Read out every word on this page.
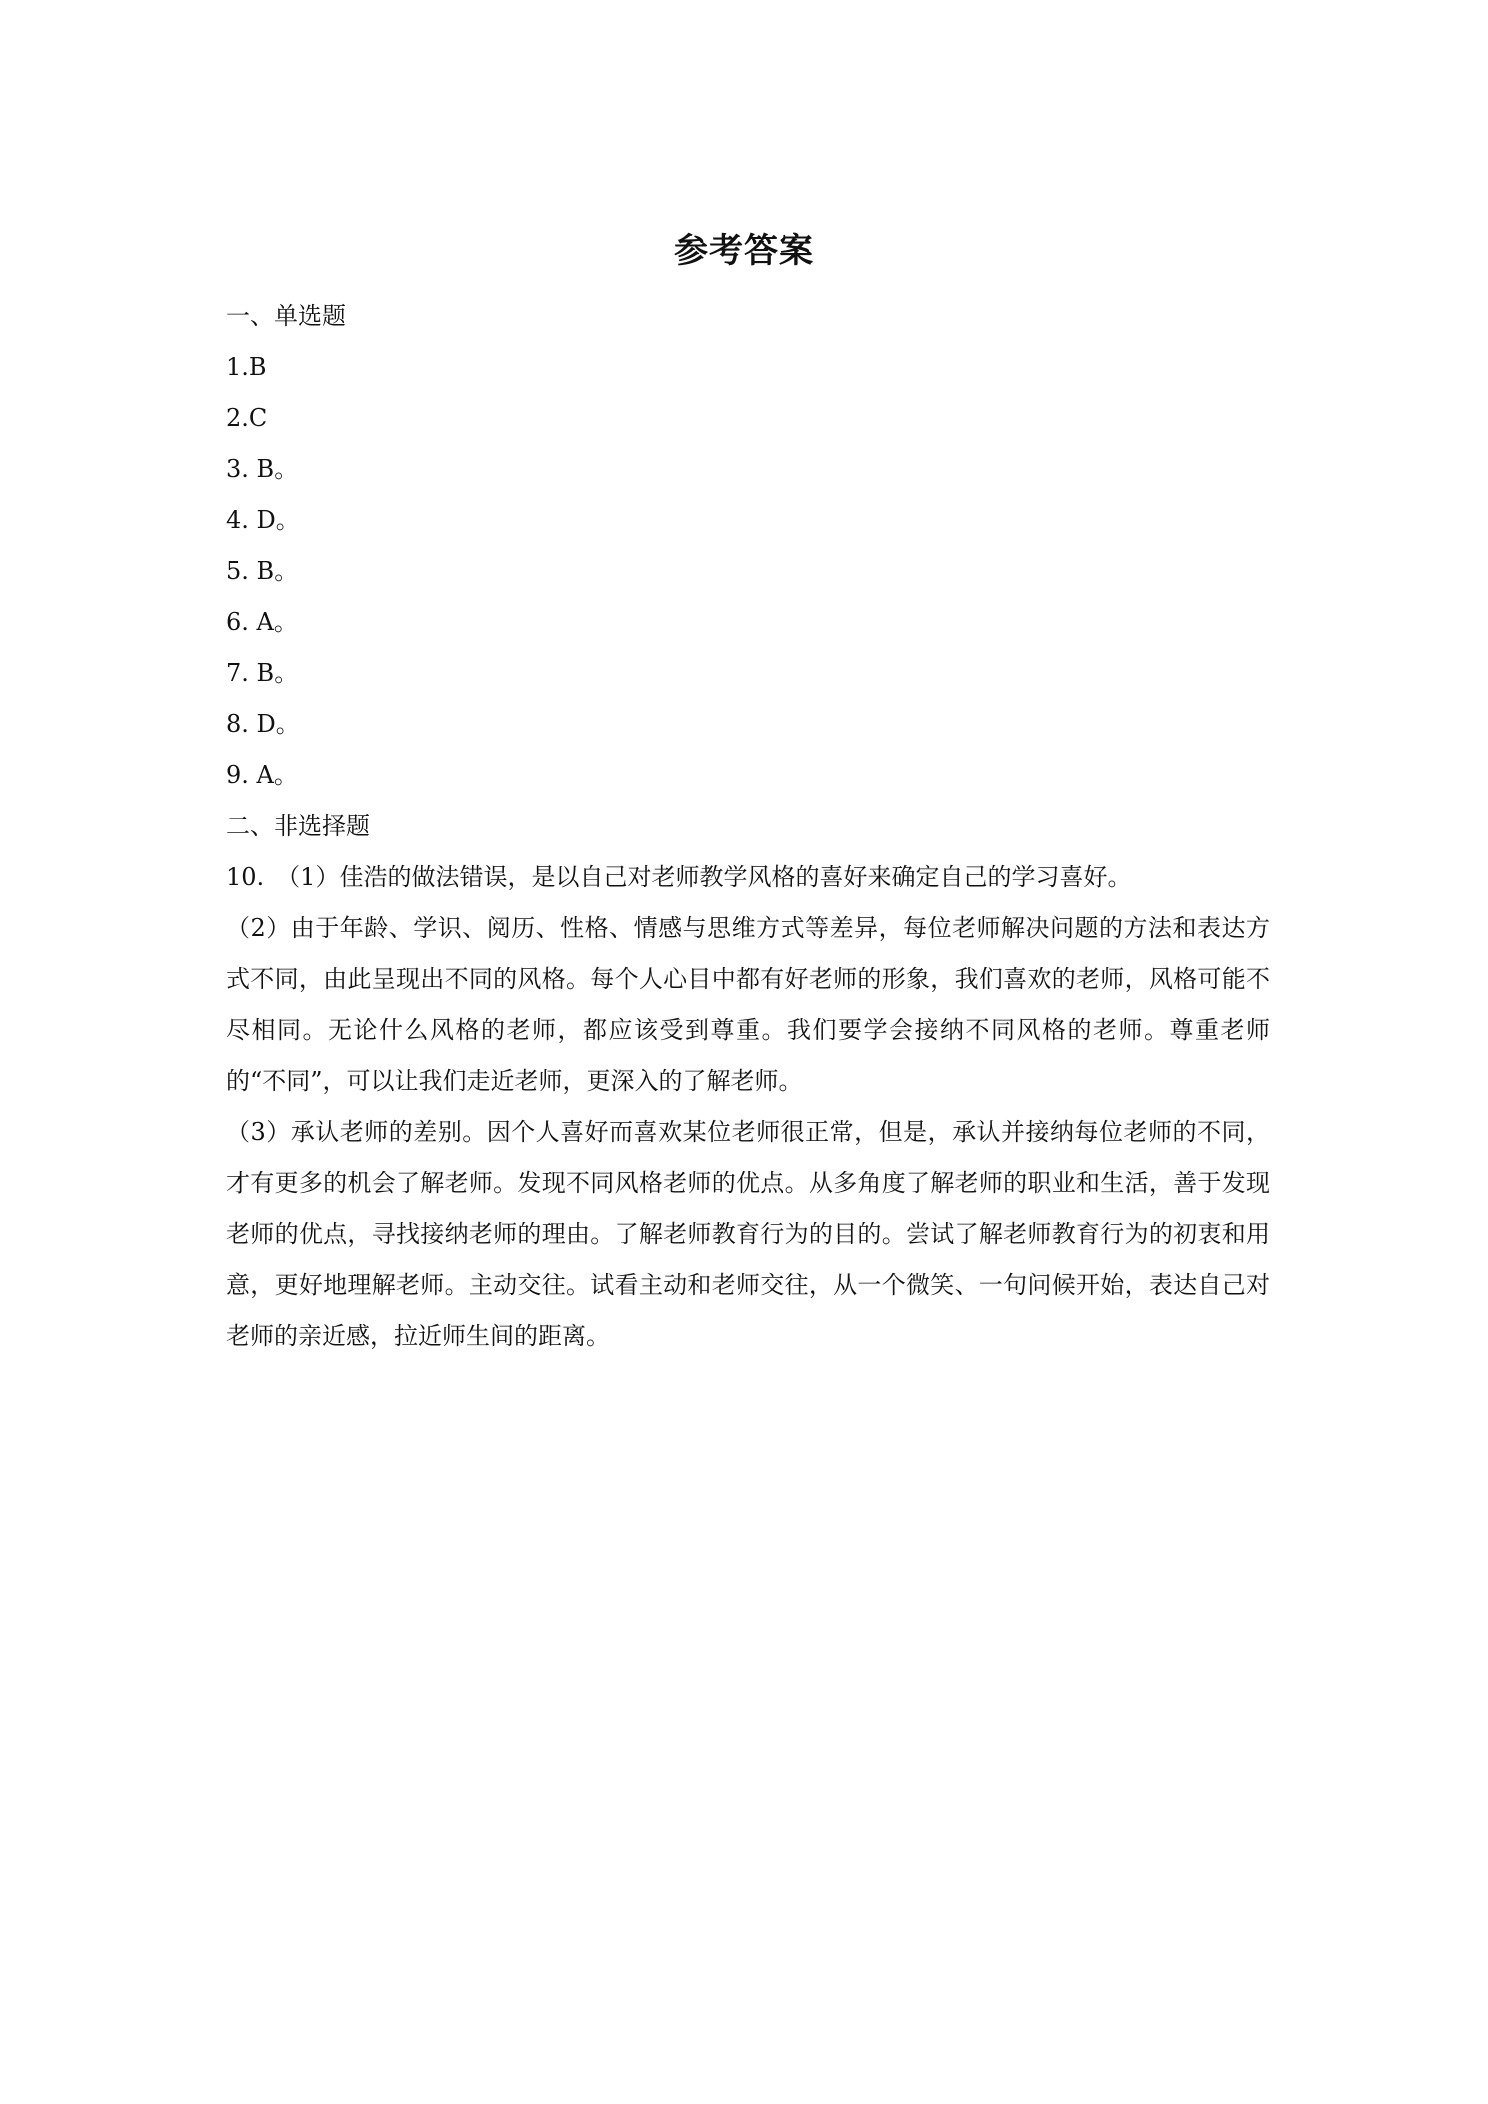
参考答案
一、单选题
1.B
2.C
3. B。
4. D。
5. B。
6. A。
7. B。
8. D。
9. A。
二、非选择题
10. （1）佳浩的做法错误，是以自己对老师教学风格的喜好来确定自己的学习喜好。
（2）由于年龄、学识、阅历、性格、情感与思维方式等差异，每位老师解决问题的方法和表达方式不同，由此呈现出不同的风格。每个人心目中都有好老师的形象，我们喜欢的老师，风格可能不尽相同。无论什么风格的老师，都应该受到尊重。我们要学会接纳不同风格的老师。尊重老师的“不同”，可以让我们走近老师，更深入的了解老师。
（3）承认老师的差别。因个人喜好而喜欢某位老师很正常，但是，承认并接纳每位老师的不同，才有更多的机会了解老师。发现不同风格老师的优点。从多角度了解老师的职业和生活，善于发现老师的优点，寻找接纳老师的理由。了解老师教育行为的目的。尝试了解老师教育行为的初衷和用意，更好地理解老师。主动交往。试看主动和老师交往，从一个微笑、一句问候开始，表达自己对老师的亲近感，拉近师生间的距离。
